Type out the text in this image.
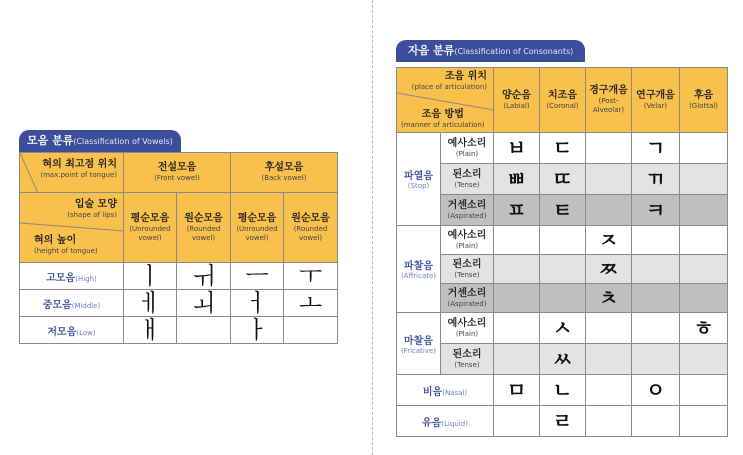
모음 분류(Classification of Vowels)
혀의 최고점 위치
(max.point of tongue)	전설모음
(Front vowel)		후설모음
(Back vowel)	

입술 모양
(shape of lips)
혀의 높이
(height of tongue)	평순모음
(Unrounded
vowel)	원순모음
(Rounded
vowel)	평순모음
(Unrounded
vowel)	원순모음
(Rounded
vowel)

고모음(High)	ㅣ	ㅟ	ㅡ	ㅜ
중모음(Middle)	ㅔ	ㅚ	ㅓ	ㅗ
저모음(Low)	ㅐ		ㅏ	
자음 분류(Classification of Consonants)
조음 위치
(place of articulation)
조음 방법
(manner of articulation)		양순음
(Labial)	치조음
(Coronal)	경구개음
(Post-
Alveolar)	연구개음
(Velar)	후음
(Glottal)

파열음
(Stop)	예사소리
(Plain)	ㅂ	ㄷ		ㄱ	

	된소리
(Tense)	ㅃ	ㄸ		ㄲ	

	거센소리
(Aspirated)	ㅍ	ㅌ		ㅋ	

파찰음
(Affricate)	예사소리
(Plain)			ㅈ		

	된소리
(Tense)			ㅉ		

	거센소리
(Aspirated)			ㅊ		

마찰음
(Fricative)	예사소리
(Plain)		ㅅ			ㅎ

	된소리
(Tense)		ㅆ			
비음(Nasal)		ㅁ	ㄴ		ㅇ	
유음(Liquid)			ㄹ			
